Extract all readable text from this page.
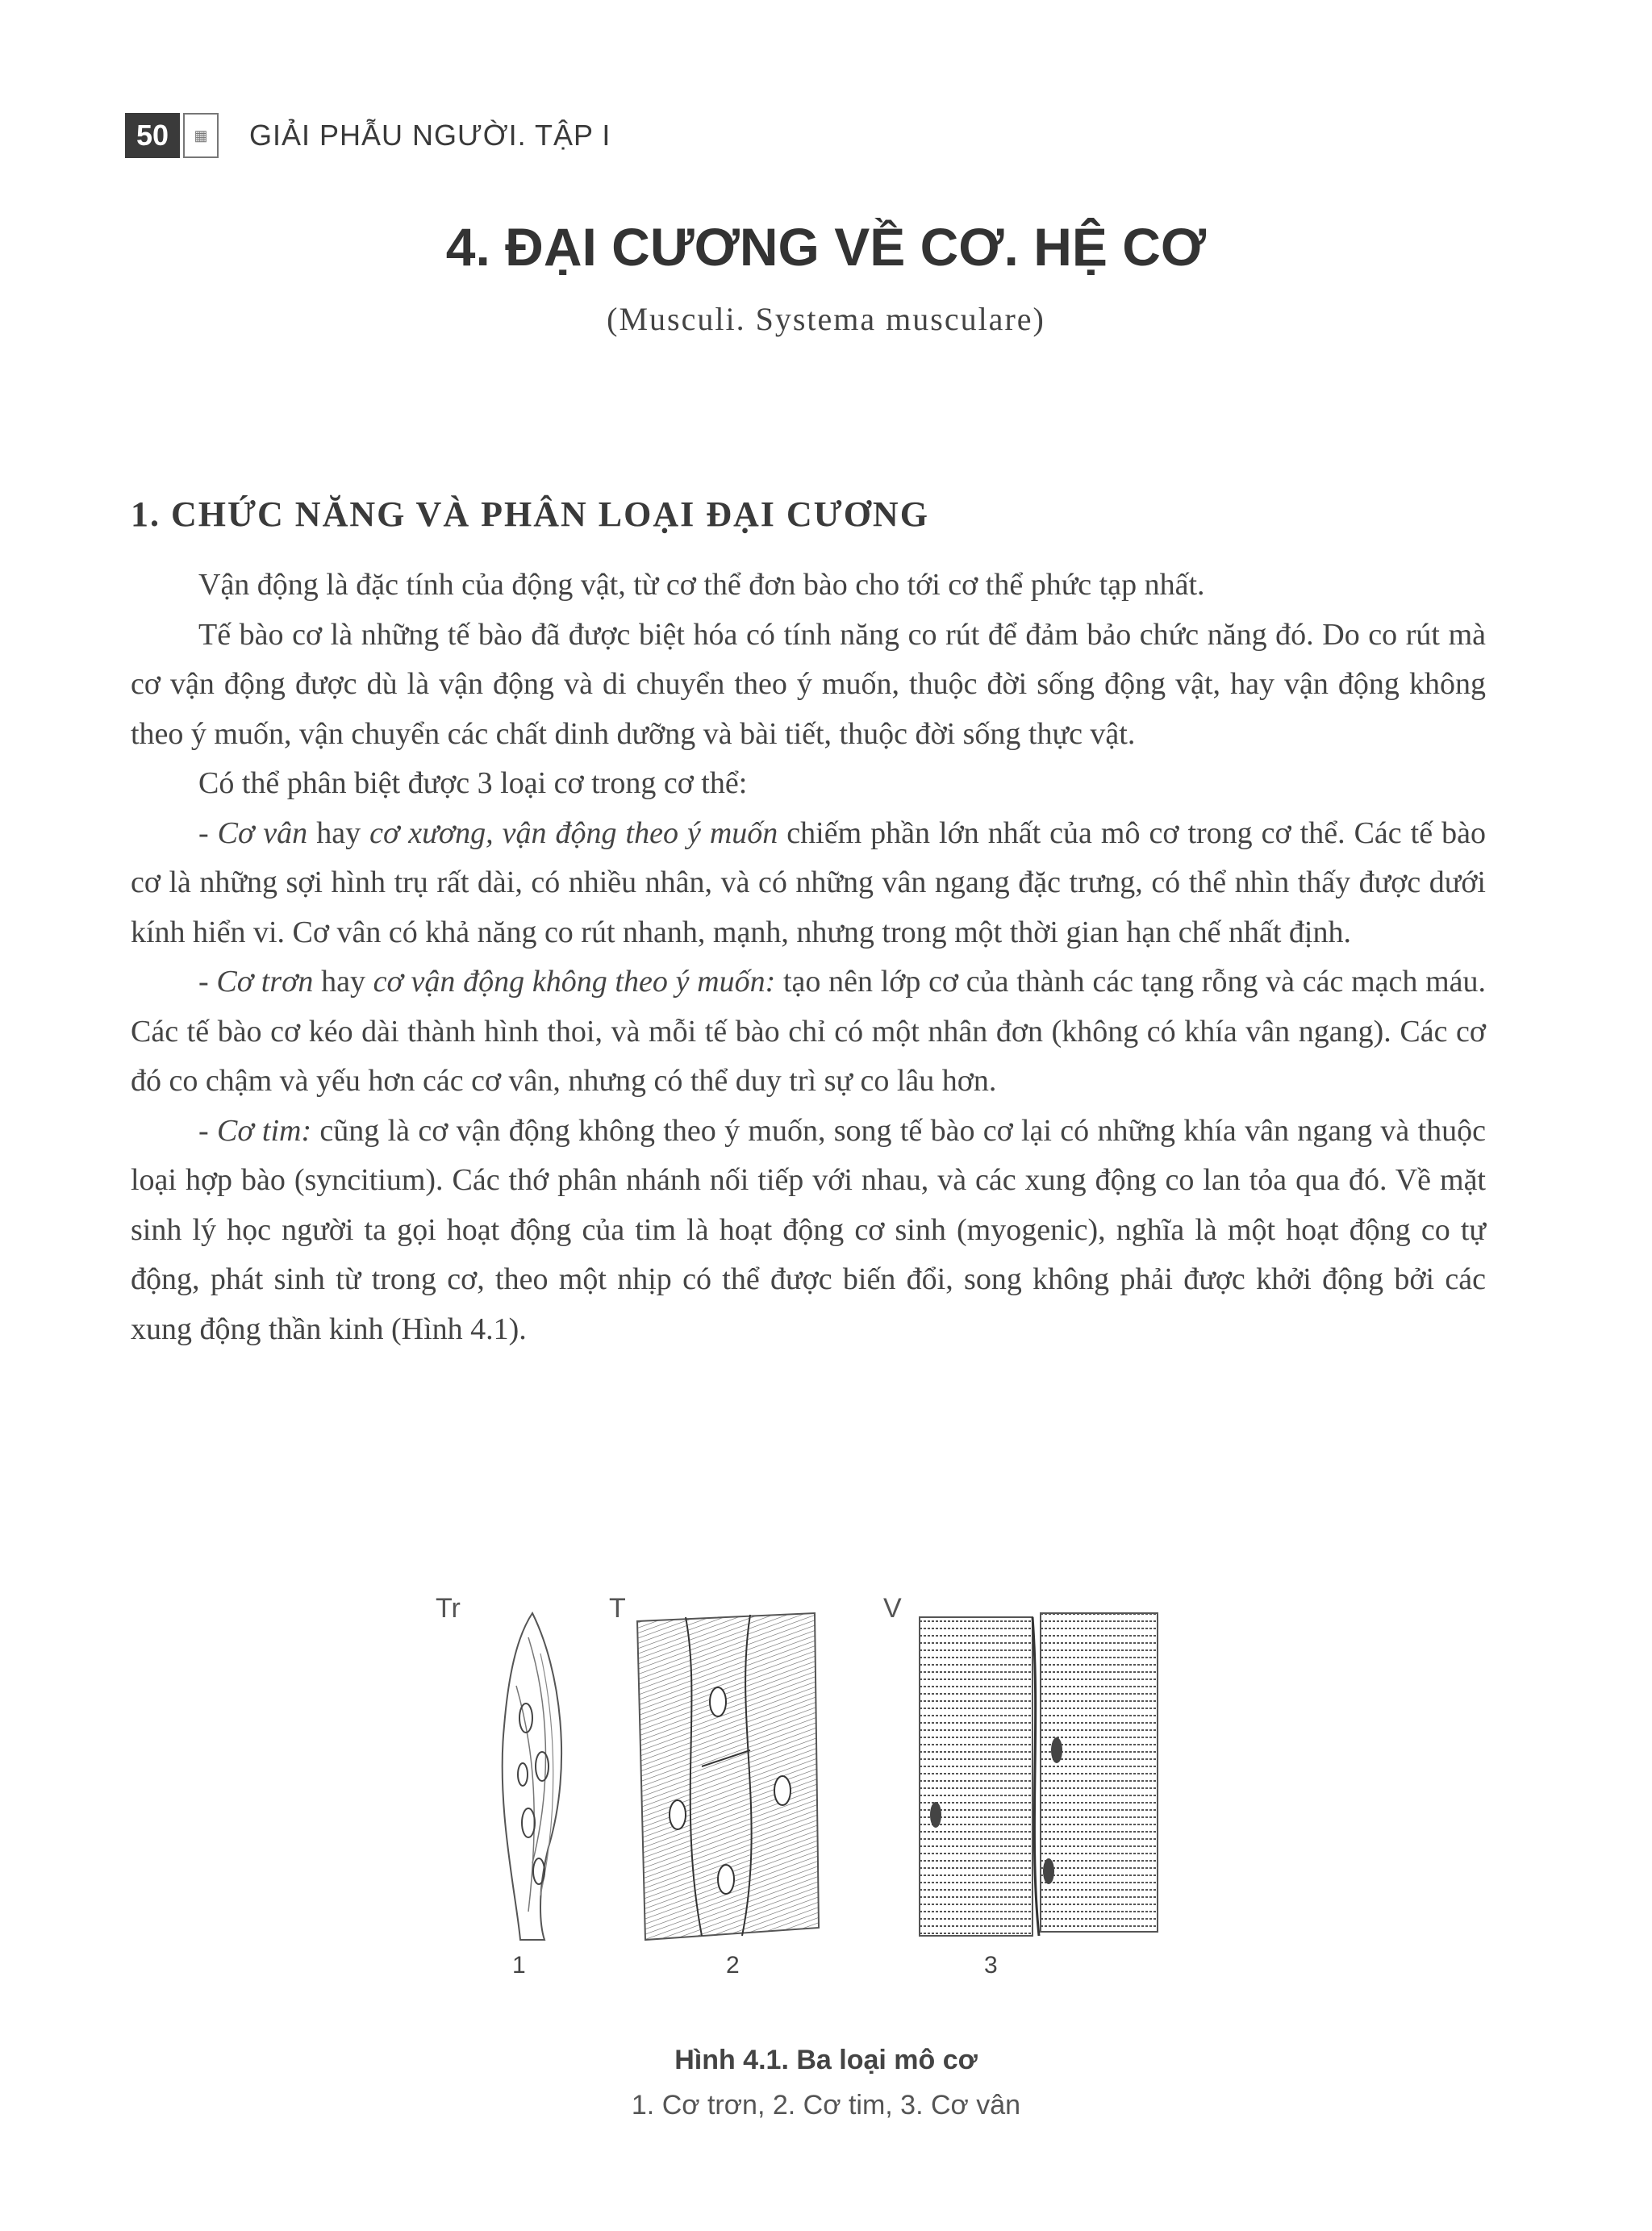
50	▦	GIẢI PHẪU NGƯỜI. TẬP I
4. ĐẠI CƯƠNG VỀ CƠ. HỆ CƠ
(Musculi. Systema musculare)
1. CHỨC NĂNG VÀ PHÂN LOẠI ĐẠI CƯƠNG

Vận động là đặc tính của động vật, từ cơ thể đơn bào cho tới cơ thể phức tạp nhất.

Tế bào cơ là những tế bào đã được biệt hóa có tính năng co rút để đảm bảo chức năng đó. Do co rút mà cơ vận động được dù là vận động và di chuyển theo ý muốn, thuộc đời sống động vật, hay vận động không theo ý muốn, vận chuyển các chất dinh dưỡng và bài tiết, thuộc đời sống thực vật.

Có thể phân biệt được 3 loại cơ trong cơ thể:

- Cơ vân hay cơ xương, vận động theo ý muốn chiếm phần lớn nhất của mô cơ trong cơ thể. Các tế bào cơ là những sợi hình trụ rất dài, có nhiều nhân, và có những vân ngang đặc trưng, có thể nhìn thấy được dưới kính hiển vi. Cơ vân có khả năng co rút nhanh, mạnh, nhưng trong một thời gian hạn chế nhất định.

- Cơ trơn hay cơ vận động không theo ý muốn: tạo nên lớp cơ của thành các tạng rỗng và các mạch máu. Các tế bào cơ kéo dài thành hình thoi, và mỗi tế bào chỉ có một nhân đơn (không có khía vân ngang). Các cơ đó co chậm và yếu hơn các cơ vân, nhưng có thể duy trì sự co lâu hơn.

- Cơ tim: cũng là cơ vận động không theo ý muốn, song tế bào cơ lại có những khía vân ngang và thuộc loại hợp bào (syncitium). Các thớ phân nhánh nối tiếp với nhau, và các xung động co lan tỏa qua đó. Về mặt sinh lý học người ta gọi hoạt động của tim là hoạt động cơ sinh (myogenic), nghĩa là một hoạt động co tự động, phát sinh từ trong cơ, theo một nhịp có thể được biến đổi, song không phải được khởi động bởi các xung động thần kinh (Hình 4.1).

Tr
1
T
2
V
3
Hình 4.1. Ba loại mô cơ
1. Cơ trơn, 2. Cơ tim, 3. Cơ vân
